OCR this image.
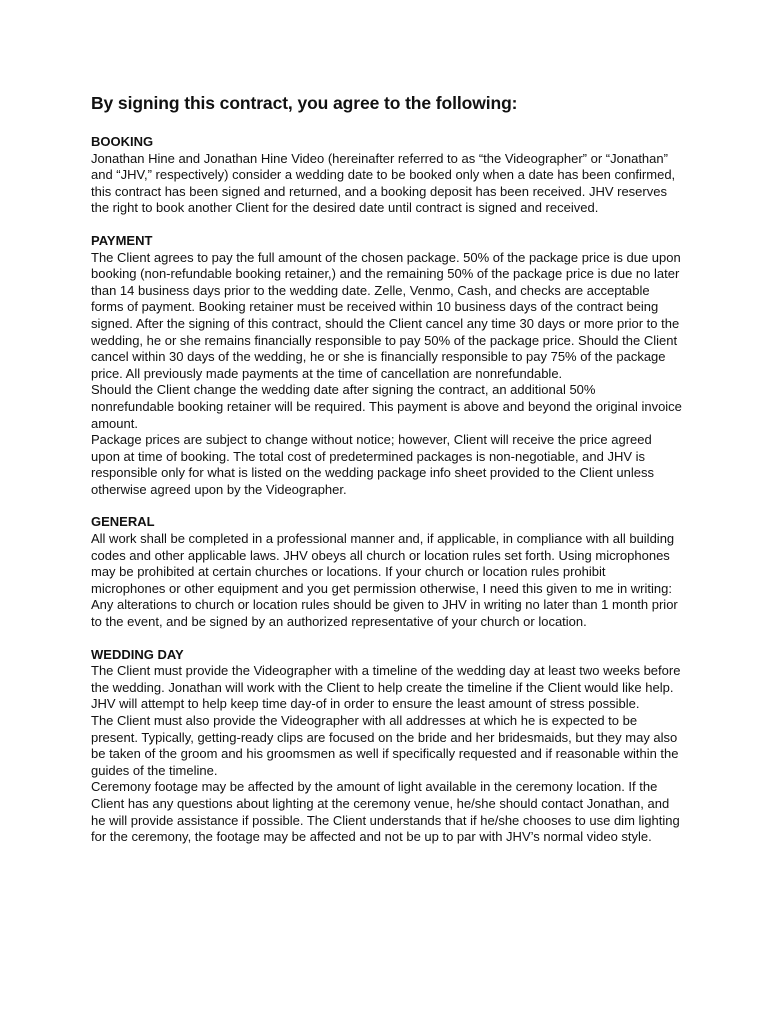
By signing this contract, you agree to the following:
BOOKING

Jonathan Hine and Jonathan Hine Video (hereinafter referred to as “the Videographer” or “Jonathan” and “JHV,” respectively) consider a wedding date to be booked only when a date has been confirmed, this contract has been signed and returned, and a booking deposit has been received. JHV reserves the right to book another Client for the desired date until contract is signed and received.

PAYMENT

The Client agrees to pay the full amount of the chosen package. 50% of the package price is due upon booking (non-refundable booking retainer,) and the remaining 50% of the package price is due no later than 14 business days prior to the wedding date. Zelle, Venmo, Cash, and checks are acceptable forms of payment. Booking retainer must be received within 10 business days of the contract being signed. After the signing of this contract, should the Client cancel any time 30 days or more prior to the wedding, he or she remains financially responsible to pay 50% of the package price. Should the Client cancel within 30 days of the wedding, he or she is financially responsible to pay 75% of the package price. All previously made payments at the time of cancellation are nonrefundable.

Should the Client change the wedding date after signing the contract, an additional 50% nonrefundable booking retainer will be required. This payment is above and beyond the original invoice amount.

Package prices are subject to change without notice; however, Client will receive the price agreed upon at time of booking. The total cost of predetermined packages is non-negotiable, and JHV is responsible only for what is listed on the wedding package info sheet provided to the Client unless otherwise agreed upon by the Videographer.

GENERAL

All work shall be completed in a professional manner and, if applicable, in compliance with all building codes and other applicable laws. JHV obeys all church or location rules set forth. Using microphones may be prohibited at certain churches or locations. If your church or location rules prohibit microphones or other equipment and you get permission otherwise, I need this given to me in writing: Any alterations to church or location rules should be given to JHV in writing no later than 1 month prior to the event, and be signed by an authorized representative of your church or location.

WEDDING DAY

The Client must provide the Videographer with a timeline of the wedding day at least two weeks before the wedding. Jonathan will work with the Client to help create the timeline if the Client would like help. JHV will attempt to help keep time day-of in order to ensure the least amount of stress possible.

The Client must also provide the Videographer with all addresses at which he is expected to be present. Typically, getting-ready clips are focused on the bride and her bridesmaids, but they may also be taken of the groom and his groomsmen as well if specifically requested and if reasonable within the guides of the timeline.

Ceremony footage may be affected by the amount of light available in the ceremony location. If the Client has any questions about lighting at the ceremony venue, he/she should contact Jonathan, and he will provide assistance if possible. The Client understands that if he/she chooses to use dim lighting for the ceremony, the footage may be affected and not be up to par with JHV’s normal video style.
